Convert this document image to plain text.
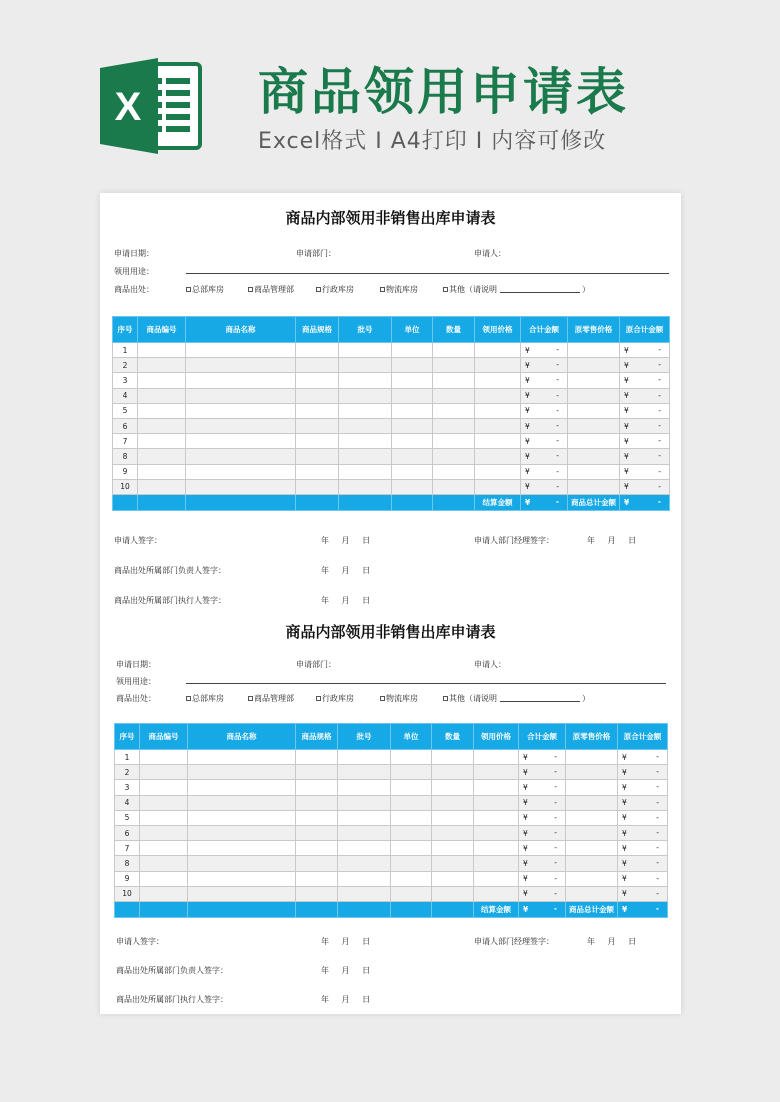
X 商品领用申请表
Excel格式 I A4打印 I 内容可修改
商品内部领用非销售出库申请表
申请日期：	申请部门：	申请人：
领用用途：
商品出处：	总部库房	商品管理部	行政库房	物流库房	其他（请说明	）
序号	商品编号	商品名称	商品规格	批号	单位	数量	领用价格	合计金额	原零售价格	原合计金额
1								¥ -		¥ -

2								¥ -		¥ -

3								¥ -		¥ -

4								¥ -		¥ -

5								¥ -		¥ -

6								¥ -		¥ -

7								¥ -		¥ -

8								¥ -		¥ -

9								¥ -		¥ -

10								¥ -		¥ -

							结算金额	¥ -	商品总计金额	¥ -
申请人签字：	年 月 日	申请人部门经理签字：	年 月 日
商品出处所属部门负责人签字：	年 月 日
商品出处所属部门执行人签字：	年 月 日
商品内部领用非销售出库申请表
申请日期：	申请部门：	申请人：
领用用途：
商品出处：	总部库房	商品管理部	行政库房	物流库房	其他（请说明	）
序号	商品编号	商品名称	商品规格	批号	单位	数量	领用价格	合计金额	原零售价格	原合计金额
1								¥ -		¥ -

2								¥ -		¥ -

3								¥ -		¥ -

4								¥ -		¥ -

5								¥ -		¥ -

6								¥ -		¥ -

7								¥ -		¥ -

8								¥ -		¥ -

9								¥ -		¥ -

10								¥ -		¥ -

							结算金额	¥ -	商品总计金额	¥ -
申请人签字：	年 月 日	申请人部门经理签字：	年 月 日
商品出处所属部门负责人签字：	年 月 日
商品出处所属部门执行人签字：	年 月 日
